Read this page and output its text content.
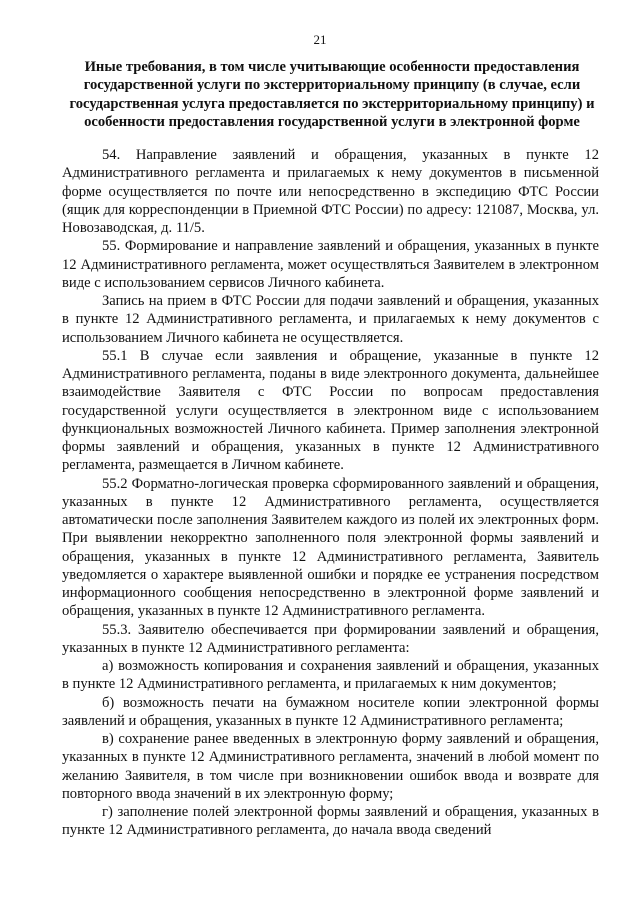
21
Иные требования, в том числе учитывающие особенности предоставления государственной услуги по экстерриториальному принципу (в случае, если государственная услуга предоставляется по экстерриториальному принципу) и особенности предоставления государственной услуги в электронной форме

54. Направление заявлений и обращения, указанных в пункте 12 Административного регламента и прилагаемых к нему документов в письменной форме осуществляется по почте или непосредственно в экспедицию ФТС России (ящик для корреспонденции в Приемной ФТС России) по адресу: 121087, Москва, ул. Новозаводская, д. 11/5.

55. Формирование и направление заявлений и обращения, указанных в пункте 12 Административного регламента, может осуществляться Заявителем в электронном виде с использованием сервисов Личного кабинета.

Запись на прием в ФТС России для подачи заявлений и обращения, указанных в пункте 12 Административного регламента, и прилагаемых к нему документов с использованием Личного кабинета не осуществляется.

55.1 В случае если заявления и обращение, указанные в пункте 12 Административного регламента, поданы в виде электронного документа, дальнейшее взаимодействие Заявителя с ФТС России по вопросам предоставления государственной услуги осуществляется в электронном виде с использованием функциональных возможностей Личного кабинета. Пример заполнения электронной формы заявлений и обращения, указанных в пункте 12 Административного регламента, размещается в Личном кабинете.

55.2 Форматно-логическая проверка сформированного заявлений и обращения, указанных в пункте 12 Административного регламента, осуществляется автоматически после заполнения Заявителем каждого из полей их электронных форм. При выявлении некорректно заполненного поля электронной формы заявлений и обращения, указанных в пункте 12 Административного регламента, Заявитель уведомляется о характере выявленной ошибки и порядке ее устранения посредством информационного сообщения непосредственно в электронной форме заявлений и обращения, указанных в пункте 12 Административного регламента.

55.3. Заявителю обеспечивается при формировании заявлений и обращения, указанных в пункте 12 Административного регламента:

а) возможность копирования и сохранения заявлений и обращения, указанных в пункте 12 Административного регламента, и прилагаемых к ним документов;

б) возможность печати на бумажном носителе копии электронной формы заявлений и обращения, указанных в пункте 12 Административного регламента;

в) сохранение ранее введенных в электронную форму заявлений и обращения, указанных в пункте 12 Административного регламента, значений в любой момент по желанию Заявителя, в том числе при возникновении ошибок ввода и возврате для повторного ввода значений в их электронную форму;

г) заполнение полей электронной формы заявлений и обращения, указанных в пункте 12 Административного регламента, до начала ввода сведений
